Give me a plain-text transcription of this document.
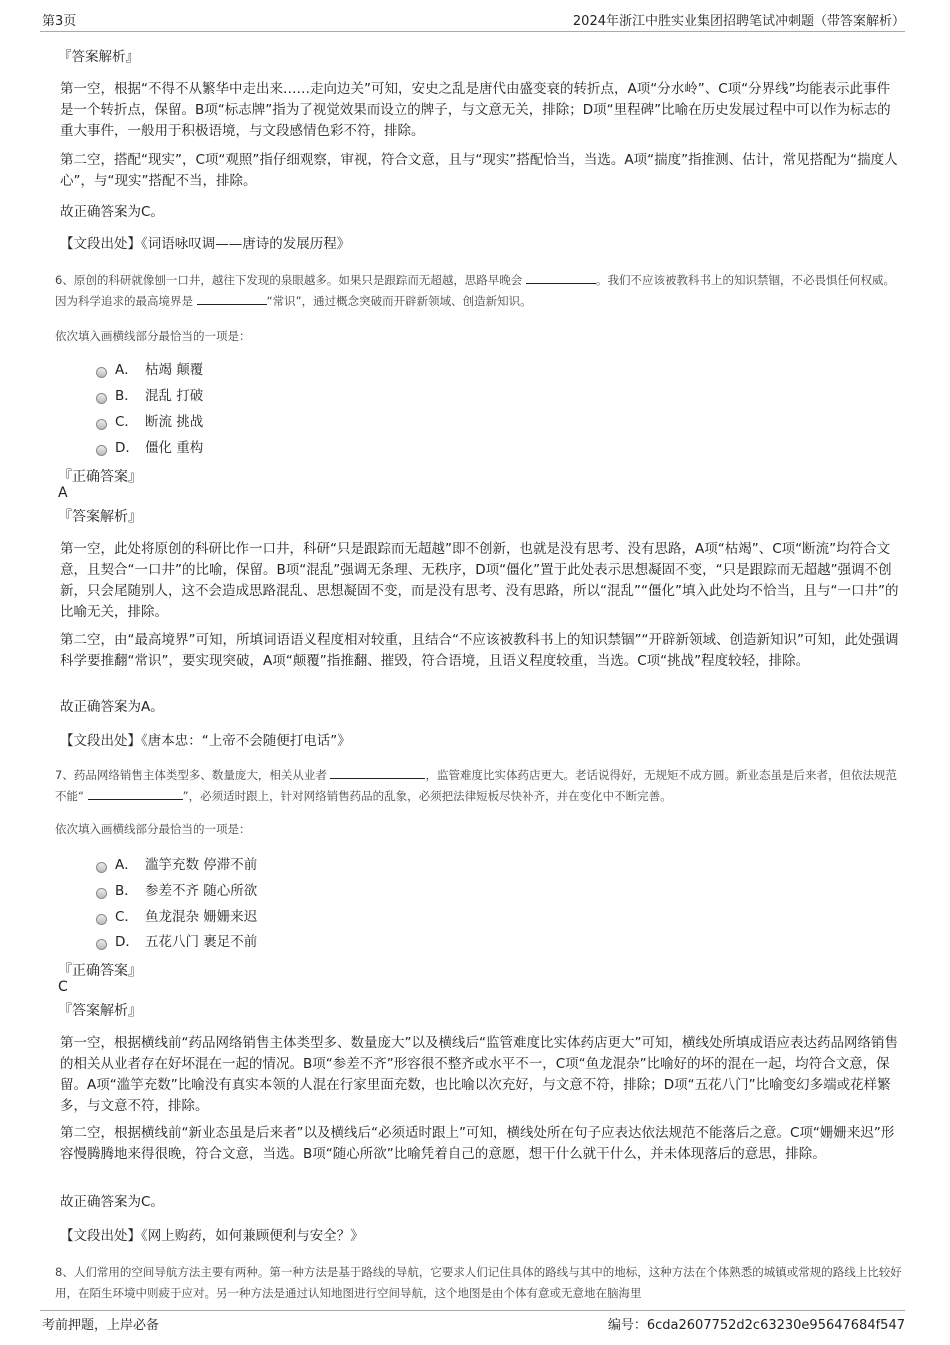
第3页	2024年浙江中胜实业集团招聘笔试冲刺题（带答案解析）
『答案解析』
第一空，根据“不得不从繁华中走出来……走向边关”可知，安史之乱是唐代由盛变衰的转折点，A项“分水岭”、C项“分界线”均能表示此事件是一个转折点，保留。B项“标志牌”指为了视觉效果而设立的牌子，与文意无关，排除；D项“里程碑”比喻在历史发展过程中可以作为标志的重大事件，一般用于积极语境，与文段感情色彩不符，排除。
第二空，搭配“现实”，C项“观照”指仔细观察，审视，符合文意，且与“现实”搭配恰当，当选。A项“揣度”指推测、估计，常见搭配为“揣度人心”，与“现实”搭配不当，排除。
故正确答案为C。
【文段出处】《词语咏叹调——唐诗的发展历程》
6、原创的科研就像刨一口井，越往下发现的泉眼越多。如果只是跟踪而无超越，思路早晚会	。我们不应该被教科书上的知识禁锢，不必畏惧任何权威。因为科学追求的最高境界是	“常识”，通过概念突破而开辟新领域、创造新知识。
依次填入画横线部分最恰当的一项是：
A． 枯竭 颠覆
B． 混乱 打破
C． 断流 挑战
D． 僵化 重构
『正确答案』
A
『答案解析』
第一空，此处将原创的科研比作一口井，科研“只是跟踪而无超越”即不创新，也就是没有思考、没有思路，A项“枯竭”、C项“断流”均符合文意，且契合“一口井”的比喻，保留。B项“混乱”强调无条理、无秩序，D项“僵化”置于此处表示思想凝固不变，“只是跟踪而无超越”强调不创新，只会尾随别人，这不会造成思路混乱、思想凝固不变，而是没有思考、没有思路，所以“混乱”“僵化”填入此处均不恰当，且与“一口井”的比喻无关，排除。
第二空，由“最高境界”可知，所填词语语义程度相对较重，且结合“不应该被教科书上的知识禁锢”“开辟新领域、创造新知识”可知，此处强调科学要推翻“常识”，要实现突破，A项“颠覆”指推翻、摧毁，符合语境，且语义程度较重，当选。C项“挑战”程度较轻，排除。
故正确答案为A。
【文段出处】《唐本忠：“上帝不会随便打电话”》
7、药品网络销售主体类型多、数量庞大，相关从业者	，监管难度比实体药店更大。老话说得好，无规矩不成方圆。新业态虽是后来者，但依法规范不能“	”，必须适时跟上，针对网络销售药品的乱象，必须把法律短板尽快补齐，并在变化中不断完善。
依次填入画横线部分最恰当的一项是：
A． 滥竽充数 停滞不前
B． 参差不齐 随心所欲
C． 鱼龙混杂 姗姗来迟
D． 五花八门 裹足不前
『正确答案』
C
『答案解析』
第一空，根据横线前“药品网络销售主体类型多、数量庞大”以及横线后“监管难度比实体药店更大”可知，横线处所填成语应表达药品网络销售的相关从业者存在好坏混在一起的情况。B项“参差不齐”形容很不整齐或水平不一，C项“鱼龙混杂”比喻好的坏的混在一起，均符合文意，保留。A项“滥竽充数”比喻没有真实本领的人混在行家里面充数，也比喻以次充好，与文意不符，排除；D项“五花八门”比喻变幻多端或花样繁多，与文意不符，排除。
第二空，根据横线前“新业态虽是后来者”以及横线后“必须适时跟上”可知，横线处所在句子应表达依法规范不能落后之意。C项“姗姗来迟”形容慢腾腾地来得很晚，符合文意，当选。B项“随心所欲”比喻凭着自己的意愿，想干什么就干什么，并未体现落后的意思，排除。
故正确答案为C。
【文段出处】《网上购药，如何兼顾便利与安全？》
8、人们常用的空间导航方法主要有两种。第一种方法是基于路线的导航，它要求人们记住具体的路线与其中的地标，这种方法在个体熟悉的城镇或常规的路线上比较好用，在陌生环境中则疲于应对。另一种方法是通过认知地图进行空间导航，这个地图是由个体有意或无意地在脑海里
考前押题，上岸必备	编号：6cda2607752d2c63230e95647684f547
